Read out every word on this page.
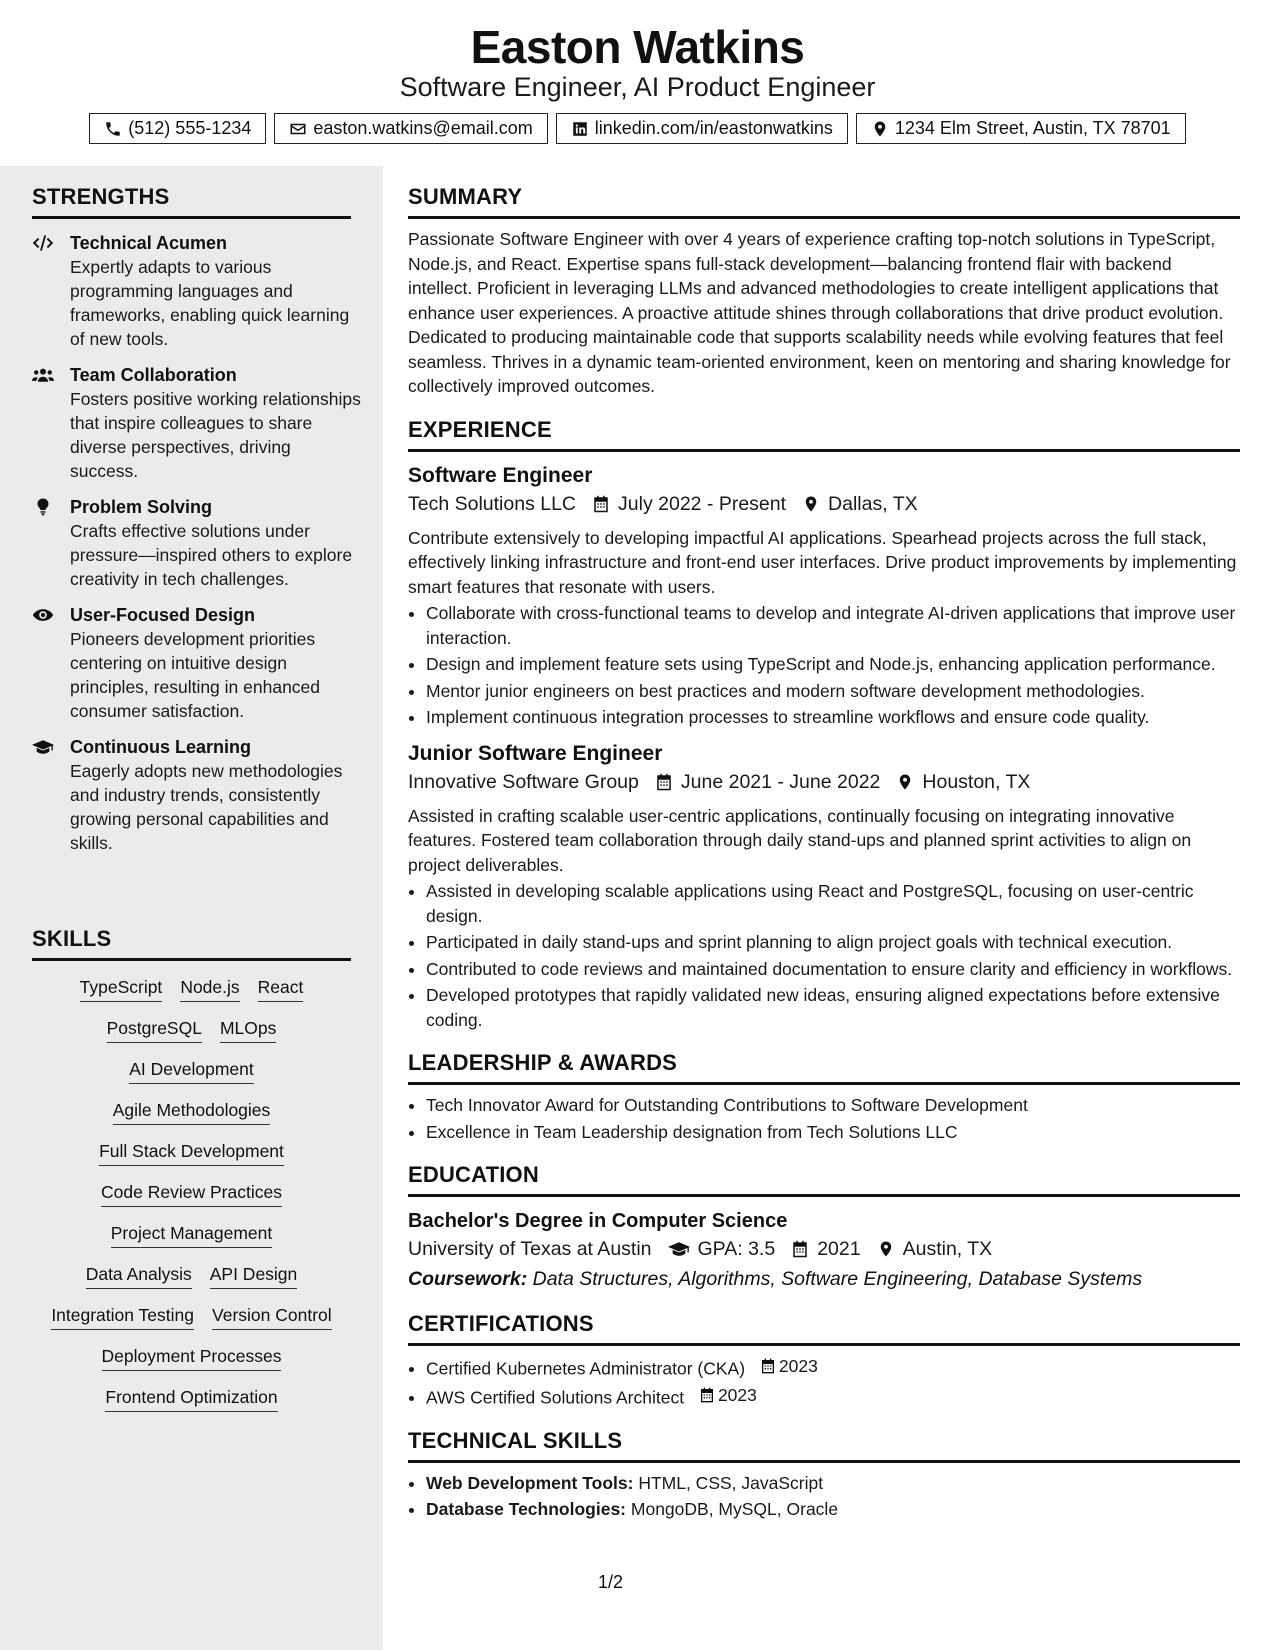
Easton Watkins
Software Engineer, AI Product Engineer
(512) 555-1234	easton.watkins@email.com	linkedin.com/in/eastonwatkins	1234 Elm Street, Austin, TX 78701
STRENGTHS
Technical Acumen
Expertly adapts to various programming languages and frameworks, enabling quick learning of new tools.
Team Collaboration
Fosters positive working relationships that inspire colleagues to share diverse perspectives, driving success.
Problem Solving
Crafts effective solutions under pressure—inspired others to explore creativity in tech challenges.
User-Focused Design
Pioneers development priorities centering on intuitive design principles, resulting in enhanced consumer satisfaction.
Continuous Learning
Eagerly adopts new methodologies and industry trends, consistently growing personal capabilities and skills.
SKILLS
TypeScript Node.js React
PostgreSQL MLOps
AI Development
Agile Methodologies
Full Stack Development
Code Review Practices
Project Management
Data Analysis API Design
Integration Testing Version Control
Deployment Processes
Frontend Optimization
SUMMARY
Passionate Software Engineer with over 4 years of experience crafting top-notch solutions in TypeScript, Node.js, and React. Expertise spans full-stack development—balancing frontend flair with backend intellect. Proficient in leveraging LLMs and advanced methodologies to create intelligent applications that enhance user experiences. A proactive attitude shines through collaborations that drive product evolution. Dedicated to producing maintainable code that supports scalability needs while evolving features that feel seamless. Thrives in a dynamic team-oriented environment, keen on mentoring and sharing knowledge for collectively improved outcomes.
EXPERIENCE
Software Engineer
Tech Solutions LLC July 2022 - Present Dallas, TX
Contribute extensively to developing impactful AI applications. Spearhead projects across the full stack, effectively linking infrastructure and front-end user interfaces. Drive product improvements by implementing smart features that resonate with users.
• Collaborate with cross-functional teams to develop and integrate AI-driven applications that improve user interaction.
• Design and implement feature sets using TypeScript and Node.js, enhancing application performance.
• Mentor junior engineers on best practices and modern software development methodologies.
• Implement continuous integration processes to streamline workflows and ensure code quality.
Junior Software Engineer
Innovative Software Group June 2021 - June 2022 Houston, TX
Assisted in crafting scalable user-centric applications, continually focusing on integrating innovative features. Fostered team collaboration through daily stand-ups and planned sprint activities to align on project deliverables.
• Assisted in developing scalable applications using React and PostgreSQL, focusing on user-centric design.
• Participated in daily stand-ups and sprint planning to align project goals with technical execution.
• Contributed to code reviews and maintained documentation to ensure clarity and efficiency in workflows.
• Developed prototypes that rapidly validated new ideas, ensuring aligned expectations before extensive coding.
LEADERSHIP & AWARDS
• Tech Innovator Award for Outstanding Contributions to Software Development
• Excellence in Team Leadership designation from Tech Solutions LLC
EDUCATION
Bachelor's Degree in Computer Science
University of Texas at Austin GPA: 3.5 2021 Austin, TX
Coursework: Data Structures, Algorithms, Software Engineering, Database Systems
CERTIFICATIONS
• Certified Kubernetes Administrator (CKA) 2023
• AWS Certified Solutions Architect 2023
TECHNICAL SKILLS
• Web Development Tools: HTML, CSS, JavaScript
• Database Technologies: MongoDB, MySQL, Oracle
1/2
